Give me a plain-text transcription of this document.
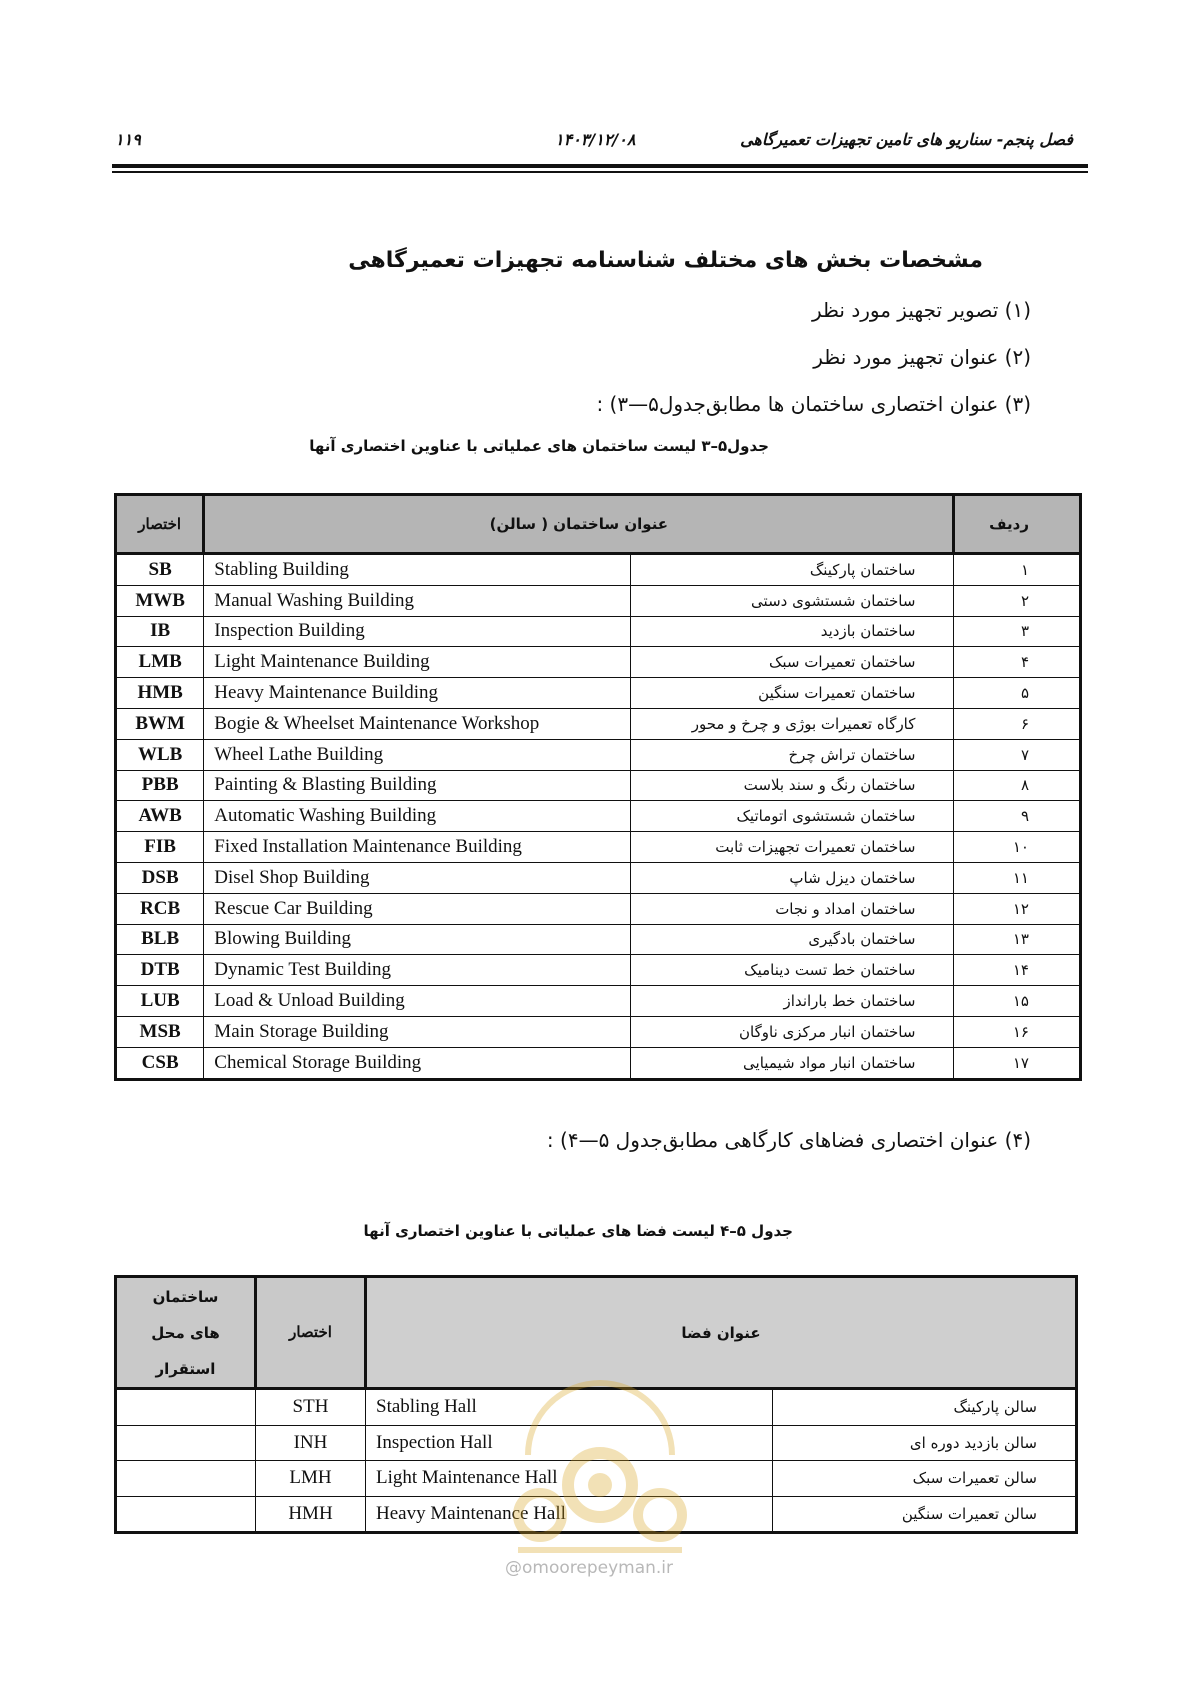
۱۱۹	۱۴۰۳/۱۲/۰۸	فصل پنجم- سناریو های تامین تجهیزات تعمیرگاهی
مشخصات بخش های مختلف شناسنامه تجهیزات تعمیرگاهی
(۱) تصویر تجهیز مورد نظر
(۲) عنوان تجهیز مورد نظر
(۳) عنوان اختصاری ساختمان ها مطابق‌جدول۵—۳) :
جدول۵–۳ لیست ساختمان های عملیاتی با عناوین اختصاری آنها
اختصار	عنوان ساختمان ( سالن)		ردیف
SB	Stabling Building	ساختمان پارکینگ	۱
MWB	Manual Washing Building	ساختمان شستشوی دستی	۲
IB	Inspection Building	ساختمان بازدید	۳
LMB	Light Maintenance Building	ساختمان تعمیرات سبک	۴
HMB	Heavy Maintenance Building	ساختمان تعمیرات سنگین	۵
BWM	Bogie & Wheelset Maintenance Workshop	کارگاه تعمیرات بوژی و چرخ و محور	۶
WLB	Wheel Lathe Building	ساختمان تراش چرخ	۷
PBB	Painting & Blasting Building	ساختمان رنگ و سند بلاست	۸
AWB	Automatic Washing Building	ساختمان شستشوی اتوماتیک	۹
FIB	Fixed Installation Maintenance Building	ساختمان تعمیرات تجهیزات ثابت	۱۰
DSB	Disel Shop Building	ساختمان دیزل شاپ	۱۱
RCB	Rescue Car Building	ساختمان امداد و نجات	۱۲
BLB	Blowing Building	ساختمان بادگیری	۱۳
DTB	Dynamic Test Building	ساختمان خط تست دینامیک	۱۴
LUB	Load & Unload Building	ساختمان خط بارانداز	۱۵
MSB	Main Storage Building	ساختمان انبار مرکزی ناوگان	۱۶
CSB	Chemical Storage Building	ساختمان انبار مواد شیمیایی	۱۷
(۴) عنوان اختصاری فضاهای کارگاهی مطابق‌جدول ۵—۴) :
جدول ۵–۴ لیست فضا های عملیاتی با عناوین اختصاری آنها
ساختمان
های محل
استقرار	اختصار	عنوان فضا	
	STH	Stabling Hall	سالن پارکینگ
	INH	Inspection Hall	سالن بازدید دوره ای
	LMH	Light Maintenance Hall	سالن تعمیرات سبک
	HMH	Heavy Maintenance Hall	سالن تعمیرات سنگین
@omoorepeyman.ir
